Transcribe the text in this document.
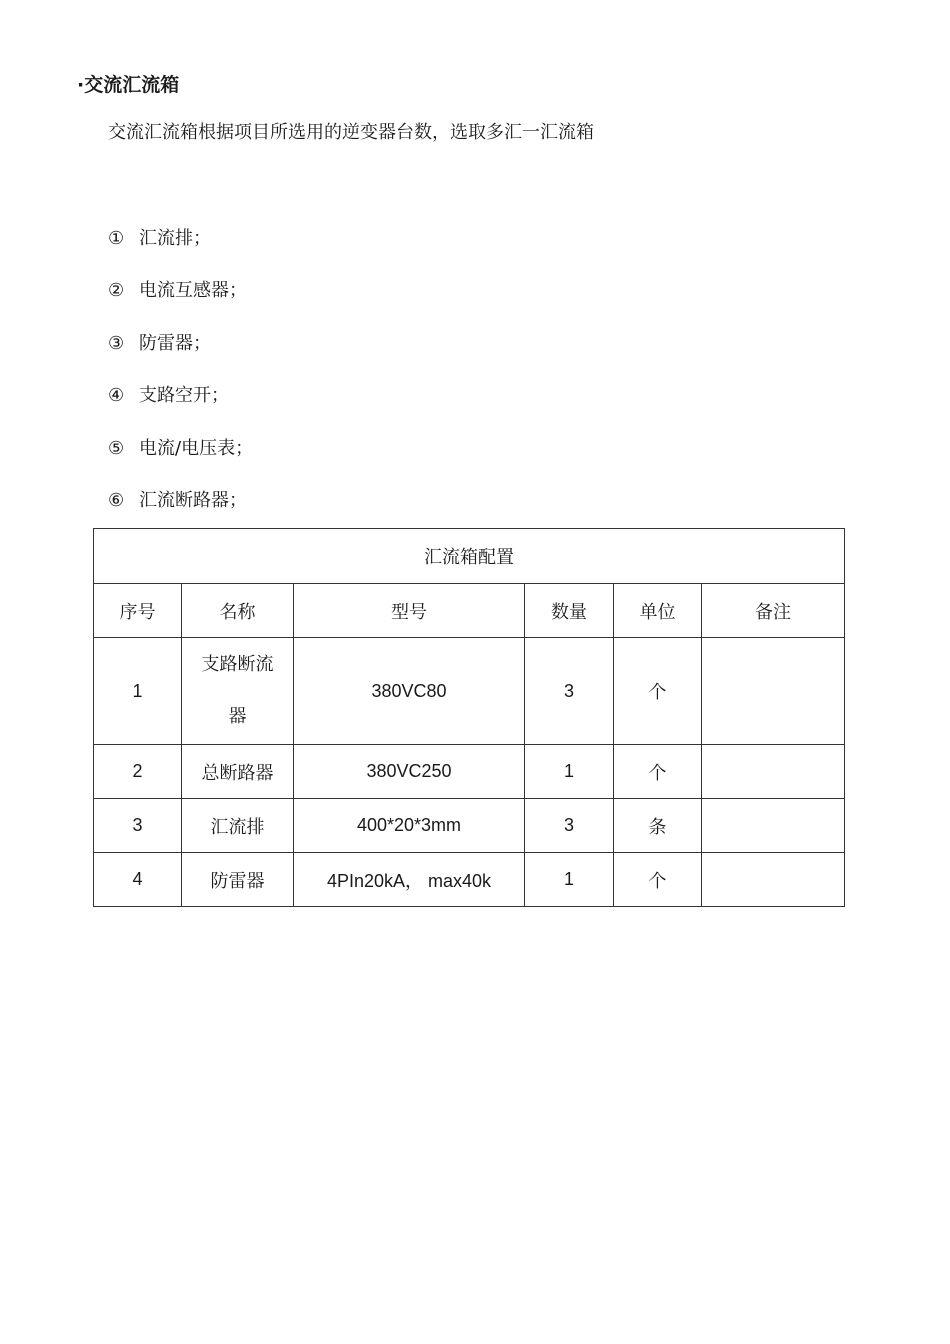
·交流汇流箱
交流汇流箱根据项目所选用的逆变器台数，选取多汇一汇流箱
① 汇流排；
② 电流互感器；
③ 防雷器；
④ 支路空开；
⑤ 电流/电压表；
⑥ 汇流断路器；
汇流箱配置					
序号	名称	型号	数量	单位	备注
1	支路断流器	380VC80	3	个	
2	总断路器	380VC250	1	个	
3	汇流排	400*20*3mm	3	条	
4	防雷器	4PIn20kA， max40k	1	个	
